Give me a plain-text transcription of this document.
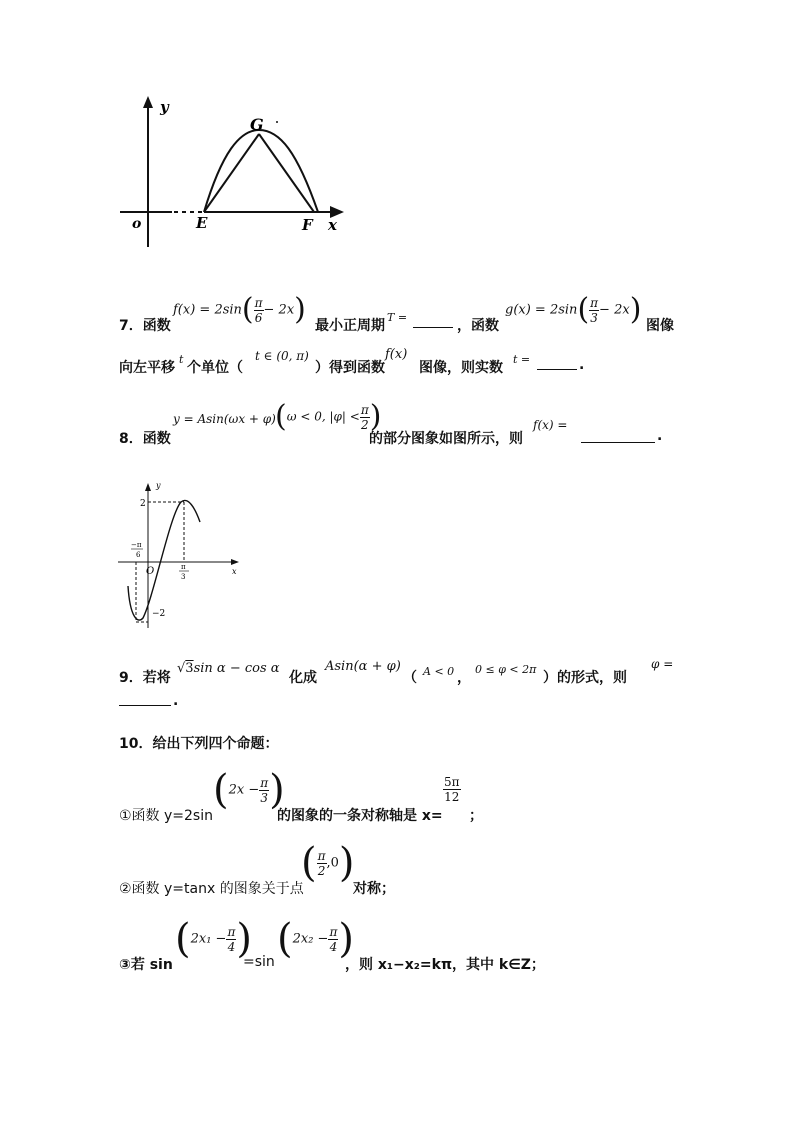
y
x
o	E	F
G
7．函数
$f(x) = 2\sin( \frac{\pi}{6} - 2x)$ 最小正周期
T =
，函数
$g(x) = 2\sin( \frac{\pi}{3} - 2x)$ 图像
向左平移
t
个单位（
t ∈ (0, π)
）得到函数
f(x)
图像，则实数
t =	.
8．函数
y = Asin(ωx + φ) (ω < 0, $|\varphi| < \frac{\pi}{2}$ )
的部分图象如图所示，则
f(x) =
.
y
x
O
2
−2
−π
6
π
3
9．若将
√3sin α − cos α
化成
Asin(α + φ)
（ A < 0 ，
0 ≤ φ < 2π
）的形式，则
φ =
.
10．给出下列四个命题：
①函数 y=2sin
($2x - \frac{\pi}{3}$ )
的图象的一条对称轴是 x=
$\frac{5\pi}{12}$
；
②函数 y=tanx 的图象关于点
( $\frac{\pi}{2} ,0$)
对称；
③若 sin
($2x_1 - \frac{\pi}{4}$ )
=sin ($2x_2 - \frac{\pi}{4}$ )
，则 x₁−x₂=kπ，其中 k∈Z；
